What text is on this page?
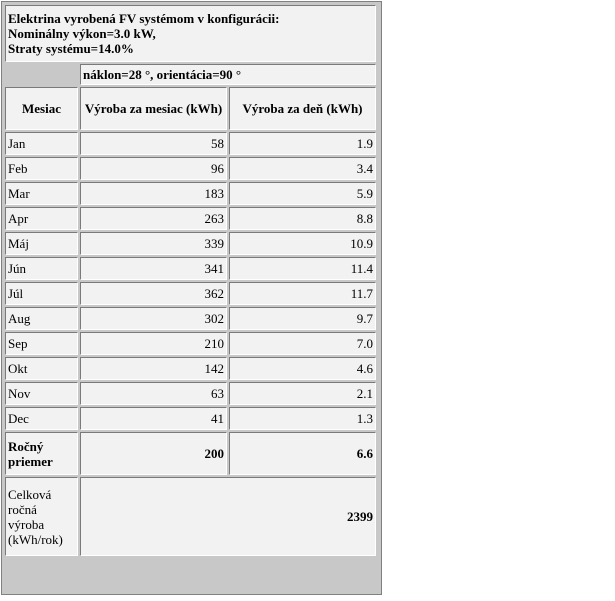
Elektrina vyrobená FV systémom v konfigurácii:
Nominálny výkon=3.0 kW,
Straty systému=14.0%		

	náklon=28 °, orientácia=90 °	
Mesiac	Výroba za mesiac (kWh)	Výroba za deň (kWh)
Jan	58	1.9
Feb	96	3.4
Mar	183	5.9
Apr	263	8.8
Máj	339	10.9
Jún	341	11.4
Júl	362	11.7
Aug	302	9.7
Sep	210	7.0
Okt	142	4.6
Nov	63	2.1
Dec	41	1.3
Ročný priemer	200	6.6
Celková ročná výroba (kWh/rok)	2399	
